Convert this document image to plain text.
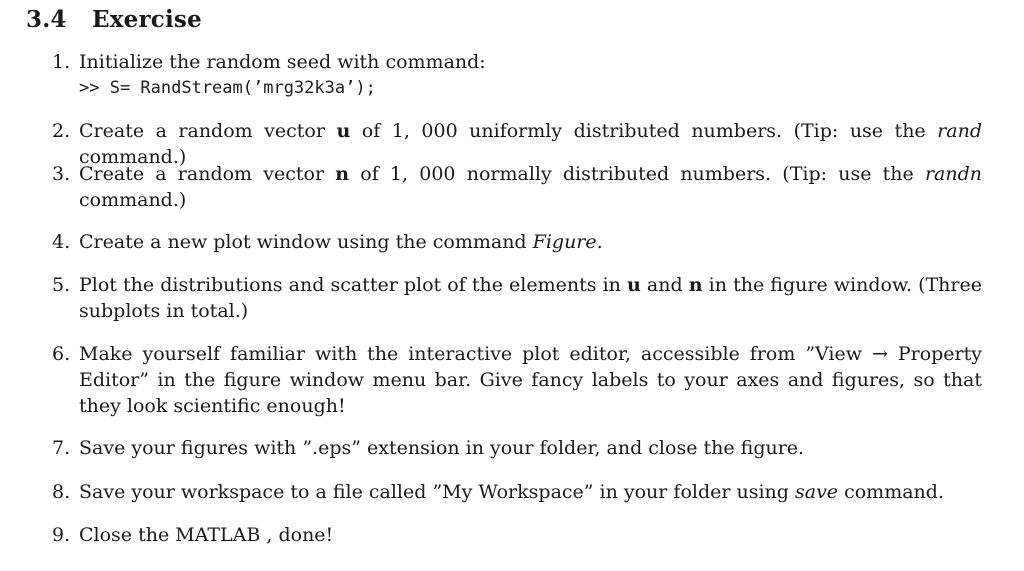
3.4 Exercise
1. Initialize the random seed with command:
>> S= RandStream(’mrg32k3a’);
2. Create a random vector u of 1, 000 uniformly distributed numbers. (Tip: use the rand command.)
3. Create a random vector n of 1, 000 normally distributed numbers. (Tip: use the randn command.)
4. Create a new plot window using the command Figure.
5. Plot the distributions and scatter plot of the elements in u and n in the figure window. (Three subplots in total.)
6. Make yourself familiar with the interactive plot editor, accessible from ”View → Property Editor” in the figure window menu bar. Give fancy labels to your axes and figures, so that they look scientific enough!
7. Save your figures with ”.eps” extension in your folder, and close the figure.
8. Save your workspace to a file called ”My Workspace” in your folder using save command.
9. Close the MATLAB , done!
